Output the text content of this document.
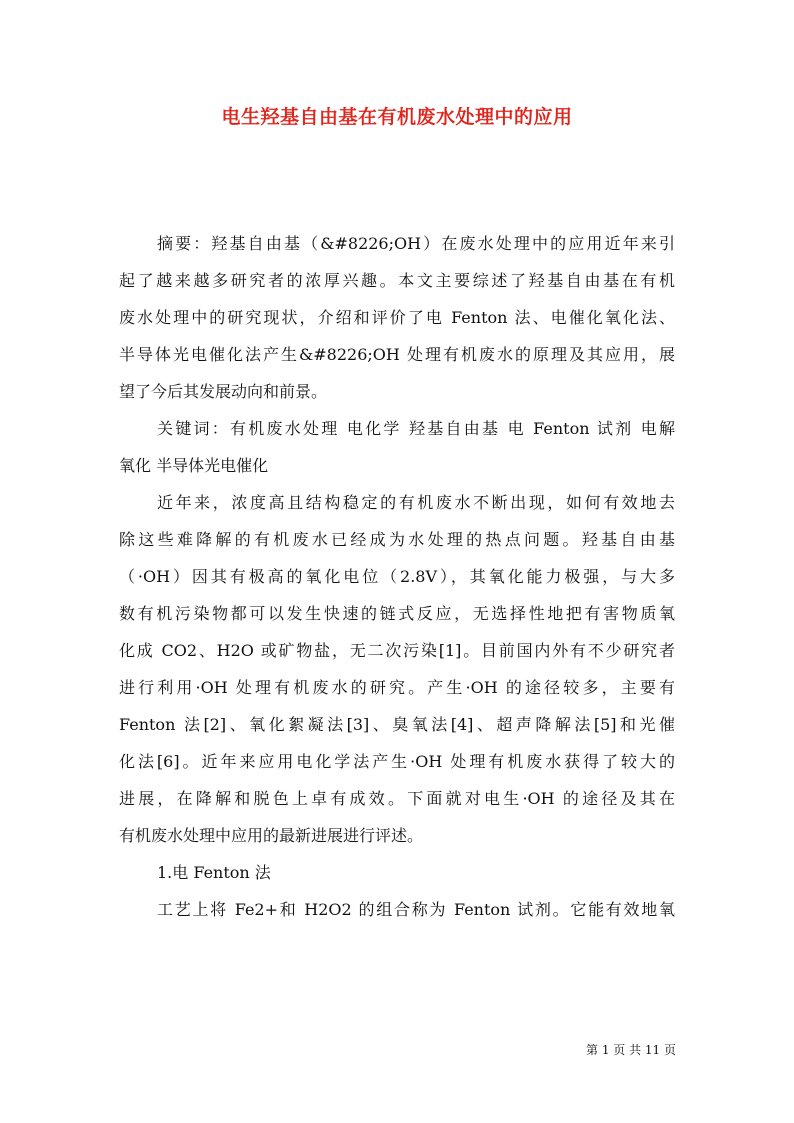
电生羟基自由基在有机废水处理中的应用
摘要：羟基自由基（&#8226;OH）在废水处理中的应用近年来引
起了越来越多研究者的浓厚兴趣。本文主要综述了羟基自由基在有机
废水处理中的研究现状，介绍和评价了电 Fenton 法、电催化氧化法、
半导体光电催化法产生&#8226;OH 处理有机废水的原理及其应用，展
望了今后其发展动向和前景。
关键词：有机废水处理 电化学 羟基自由基 电 Fenton 试剂 电解
氧化 半导体光电催化
近年来，浓度高且结构稳定的有机废水不断出现，如何有效地去
除这些难降解的有机废水已经成为水处理的热点问题。羟基自由基
（·OH）因其有极高的氧化电位（2.8V），其氧化能力极强，与大多
数有机污染物都可以发生快速的链式反应，无选择性地把有害物质氧
化成 CO2、H2O 或矿物盐，无二次污染[1]。目前国内外有不少研究者
进行利用·OH 处理有机废水的研究。产生·OH 的途径较多，主要有
Fenton 法[2]、氧化絮凝法[3]、臭氧法[4]、超声降解法[5]和光催
化法[6]。近年来应用电化学法产生·OH 处理有机废水获得了较大的
进展，在降解和脱色上卓有成效。下面就对电生·OH 的途径及其在
有机废水处理中应用的最新进展进行评述。
1.电 Fenton 法
工艺上将 Fe2+和 H2O2 的组合称为 Fenton 试剂。它能有效地氧
第 1 页 共 11 页
